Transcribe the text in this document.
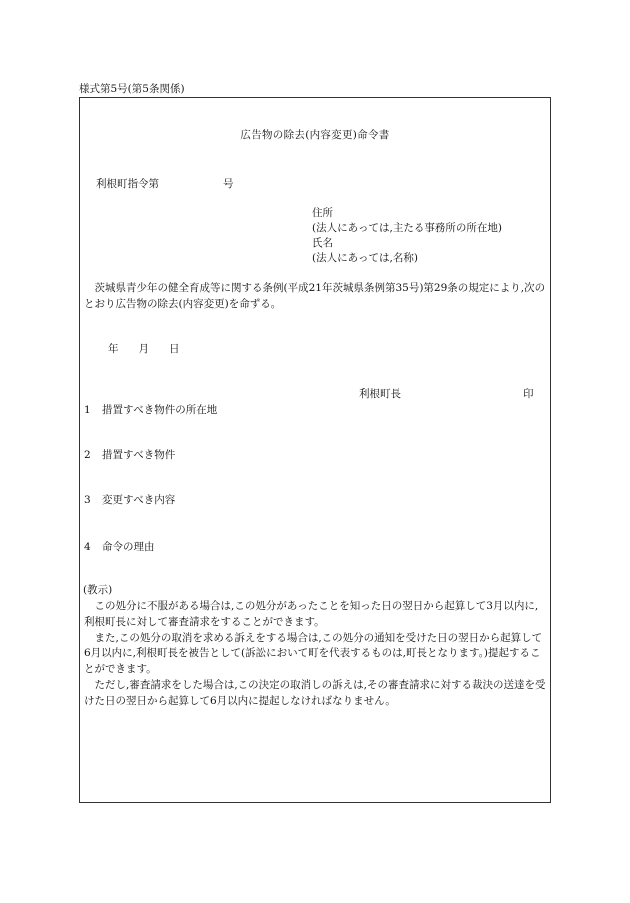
様式第5号(第5条関係)
広告物の除去(内容変更)命令書
利根町指令第	号
住所
(法人にあっては,主たる事務所の所在地)
氏名
(法人にあっては,名称)
茨城県青少年の健全育成等に関する条例(平成21年茨城県条例第35号)第29条の規定により,次のとおり広告物の除去(内容変更)を命ずる。
年 月 日
利根町長	印
1 措置すべき物件の所在地
2 措置すべき物件
3 変更すべき内容
4 命令の理由
(教示)

この処分に不服がある場合は,この処分があったことを知った日の翌日から起算して3月以内に,利根町長に対して審査請求をすることができます。

また,この処分の取消を求める訴えをする場合は,この処分の通知を受けた日の翌日から起算して6月以内に,利根町長を被告として(訴訟において町を代表するものは,町長となります。)提起することができます。

ただし,審査請求をした場合は,この決定の取消しの訴えは,その審査請求に対する裁決の送達を受けた日の翌日から起算して6月以内に提起しなければなりません。
